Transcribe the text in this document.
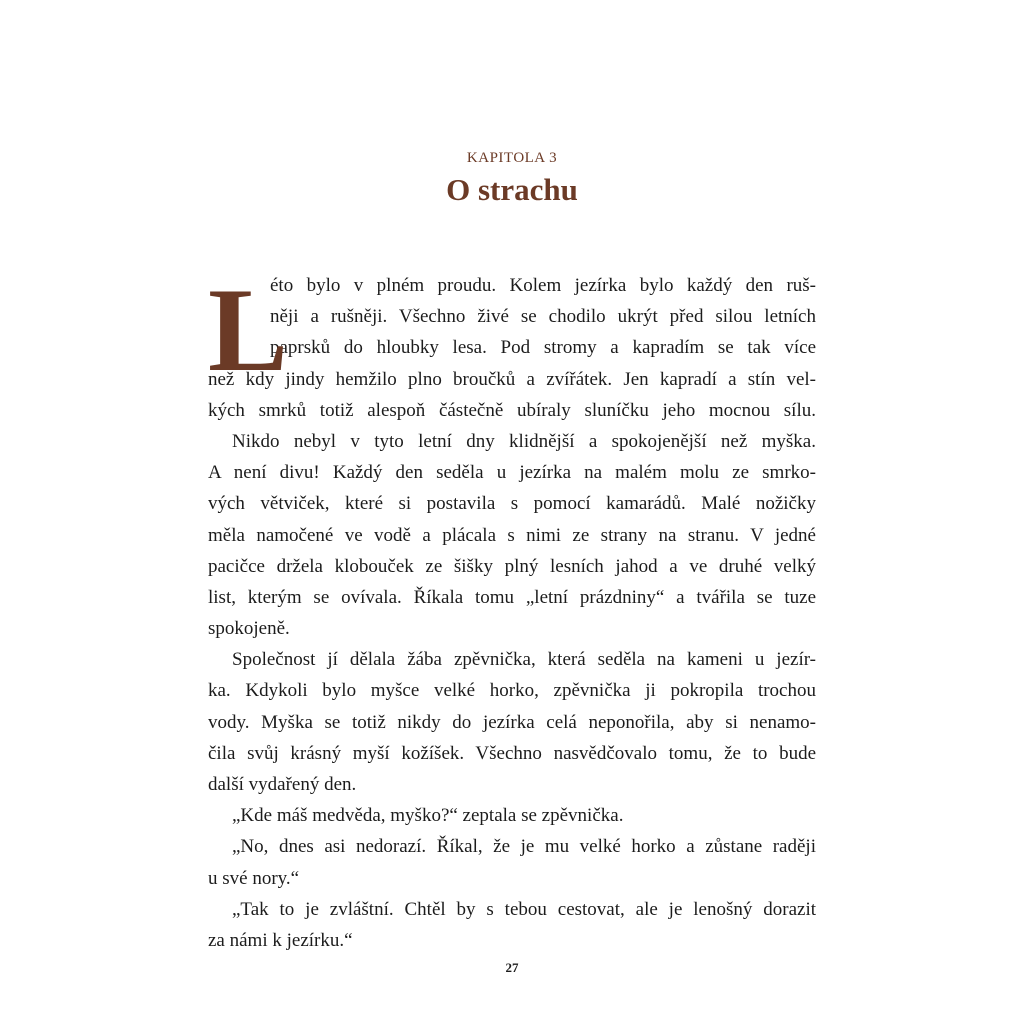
KAPITOLA 3
O strachu
L
éto bylo v plném proudu. Kolem jezírka bylo každý den ruš-
něji a rušněji. Všechno živé se chodilo ukrýt před silou letních
paprsků do hloubky lesa. Pod stromy a kapradím se tak více
než kdy jindy hemžilo plno broučků a zvířátek. Jen kapradí a stín vel-
kých smrků totiž alespoň částečně ubíraly sluníčku jeho mocnou sílu.
Nikdo nebyl v tyto letní dny klidnější a spokojenější než myška.
A není divu! Každý den seděla u jezírka na malém molu ze smrko-
vých větviček, které si postavila s pomocí kamarádů. Malé nožičky
měla namočené ve vodě a plácala s nimi ze strany na stranu. V jedné
pacičce držela klobouček ze šišky plný lesních jahod a ve druhé velký
list, kterým se ovívala. Říkala tomu „letní prázdniny“ a tvářila se tuze
spokojeně.
Společnost jí dělala žába zpěvnička, která seděla na kameni u jezír-
ka. Kdykoli bylo myšce velké horko, zpěvnička ji pokropila trochou
vody. Myška se totiž nikdy do jezírka celá neponořila, aby si nenamo-
čila svůj krásný myší kožíšek. Všechno nasvědčovalo tomu, že to bude
další vydařený den.
„Kde máš medvěda, myško?“ zeptala se zpěvnička.
„No, dnes asi nedorazí. Říkal, že je mu velké horko a zůstane raději
u své nory.“
„Tak to je zvláštní. Chtěl by s tebou cestovat, ale je lenošný dorazit
za námi k jezírku.“
27
